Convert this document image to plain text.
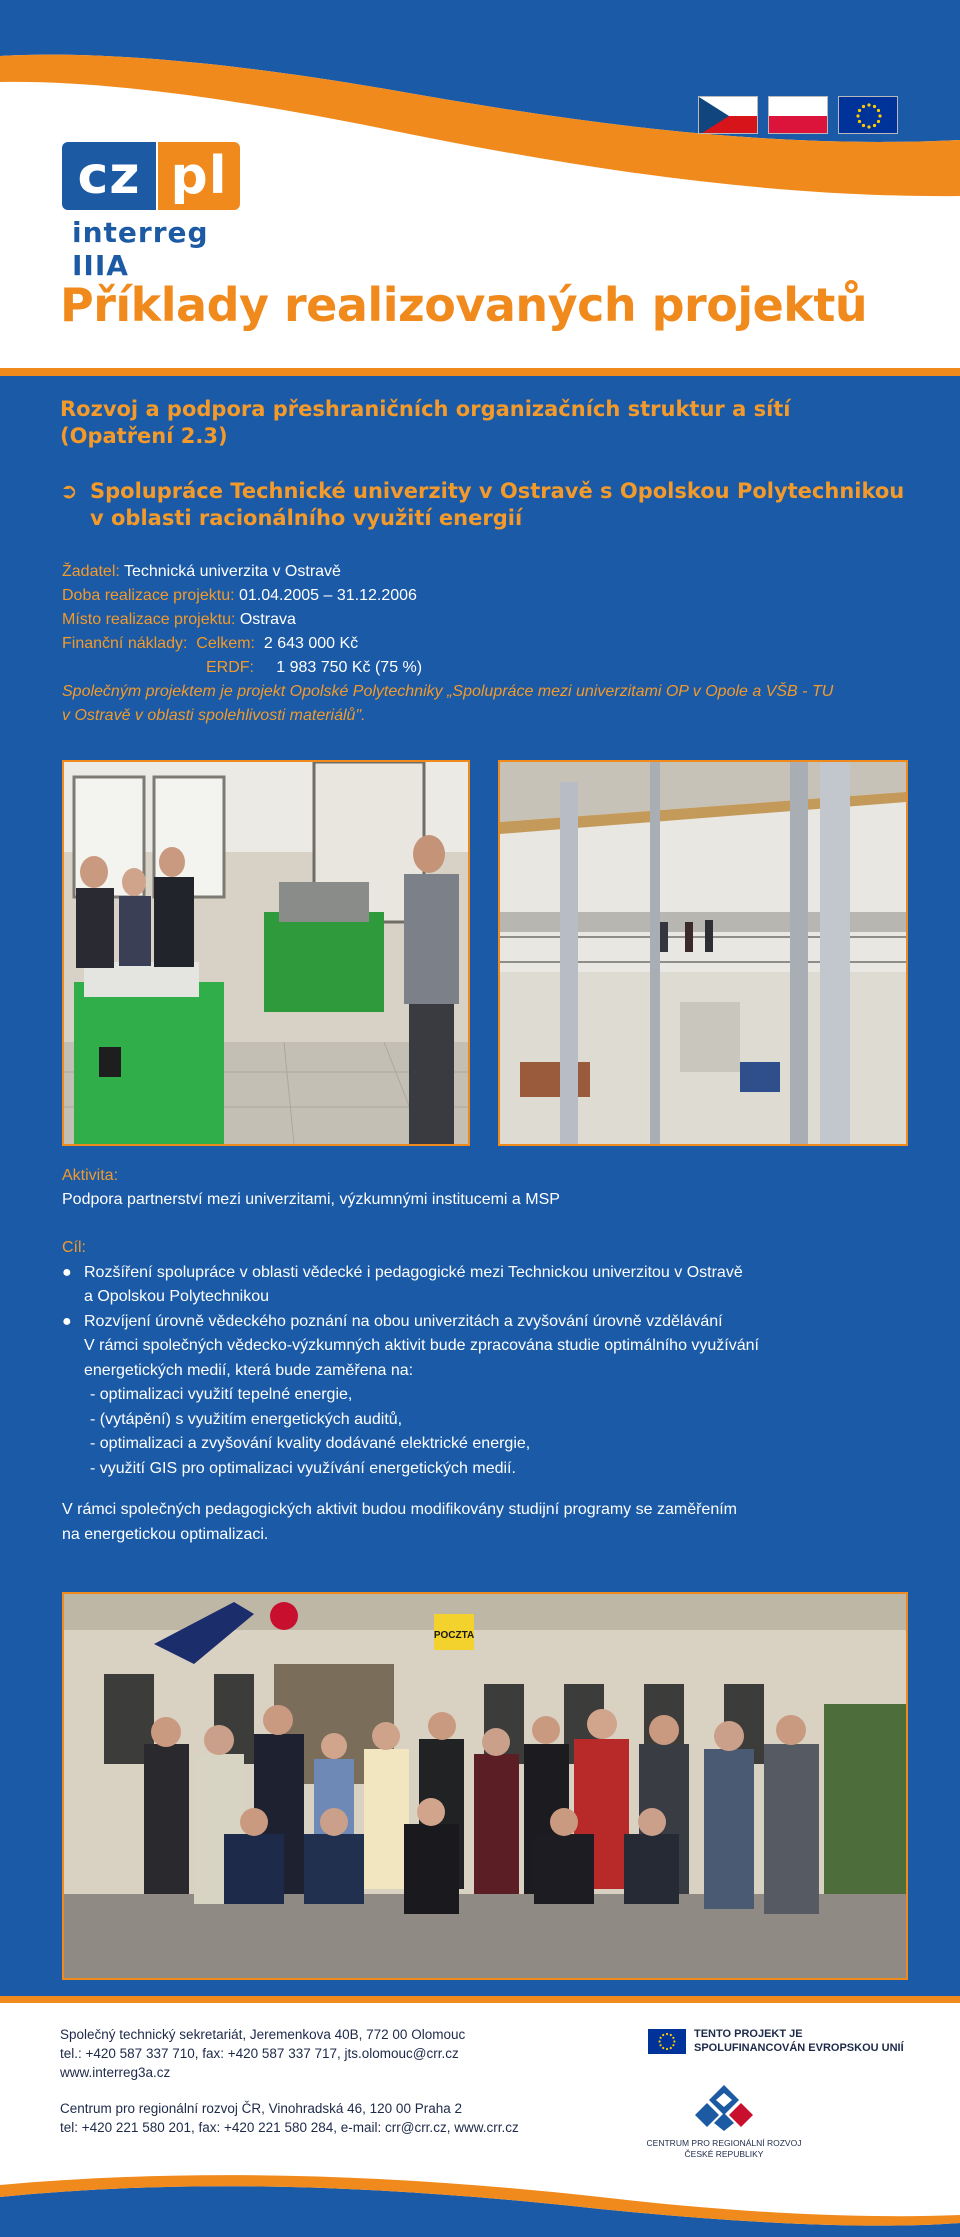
cz pl
interreg IIIA
Příklady realizovaných projektů
Rozvoj a podpora přeshraničních organizačních struktur a sítí
(Opatření 2.3)
➲ Spolupráce Technické univerzity v Ostravě s Opolskou Polytechnikou
v oblasti racionálního využití energií
Žadatel: Technická univerzita v Ostravě
Doba realizace projektu: 01.04.2005 – 31.12.2006
Místo realizace projektu: Ostrava
Finanční náklady: Celkem: 2 643 000 Kč
ERDF: 1 983 750 Kč (75 %)
Společným projektem je projekt Opolské Polytechniky „Spolupráce mezi univerzitami OP v Opole a VŠB - TU
v Ostravě v oblasti spolehlivosti materiálů".
Aktivita:
Podpora partnerství mezi univerzitami, výzkumnými institucemi a MSP
Cíl:
● Rozšíření spolupráce v oblasti vědecké i pedagogické mezi Technickou univerzitou v Ostravě
a Opolskou Polytechnikou
● Rozvíjení úrovně vědeckého poznání na obou univerzitách a zvyšování úrovně vzdělávání
V rámci společných vědecko-výzkumných aktivit bude zpracována studie optimálního využívání
energetických medií, která bude zaměřena na:
- optimalizaci využití tepelné energie,
- (vytápění) s využitím energetických auditů,
- optimalizaci a zvyšování kvality dodávané elektrické energie,
- využití GIS pro optimalizaci využívání energetických medií.
V rámci společných pedagogických aktivit budou modifikovány studijní programy se zaměřením
na energetickou optimalizaci.
POCZTA
Společný technický sekretariát, Jeremenkova 40B, 772 00 Olomouc
tel.: +420 587 337 710, fax: +420 587 337 717, jts.olomouc@crr.cz
www.interreg3a.cz
Centrum pro regionální rozvoj ČR, Vinohradská 46, 120 00 Praha 2
tel: +420 221 580 201, fax: +420 221 580 284, e-mail: crr@crr.cz, www.crr.cz
TENTO PROJEKT JE
SPOLUFINANCOVÁN EVROPSKOU UNIÍ
CENTRUM PRO REGIONÁLNÍ ROZVOJ
ČESKÉ REPUBLIKY
